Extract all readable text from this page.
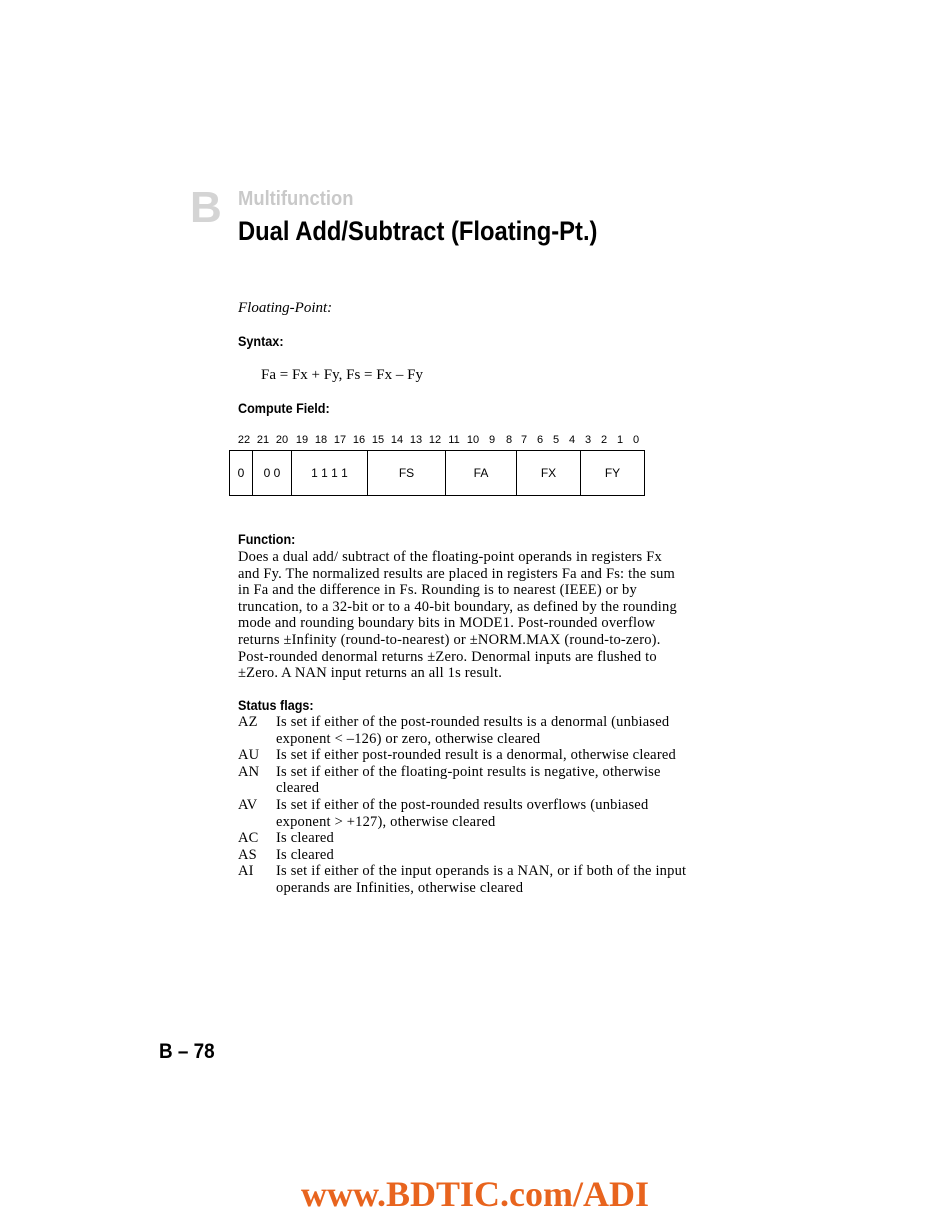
B Multifunction
Dual Add/Subtract (Floating-Pt.)
Floating-Point:
Syntax:
Fa = Fx + Fy, Fs = Fx – Fy
Compute Field:
22 21 20 19 18 17 16 15 14 13 12 11 10 9 8 7 6 5 4 3 2 1 0
0	0 0	1 1 1 1	FS	FA	FX	FY
Function:
Does a dual add/ subtract of the floating-point operands in registers Fx
and Fy. The normalized results are placed in registers Fa and Fs: the sum
in Fa and the difference in Fs. Rounding is to nearest (IEEE) or by
truncation, to a 32-bit or to a 40-bit boundary, as defined by the rounding
mode and rounding boundary bits in MODE1. Post-rounded overflow
returns ±Infinity (round-to-nearest) or ±NORM.MAX (round-to-zero).
Post-rounded denormal returns ±Zero. Denormal inputs are flushed to
±Zero. A NAN input returns an all 1s result.
Status flags:
AZ	Is set if either of the post-rounded results is a denormal (unbiased
exponent < –126) or zero, otherwise cleared
AU	Is set if either post-rounded result is a denormal, otherwise cleared
AN	Is set if either of the floating-point results is negative, otherwise
cleared
AV	Is set if either of the post-rounded results overflows (unbiased
exponent > +127), otherwise cleared
AC	Is cleared
AS	Is cleared
AI	Is set if either of the input operands is a NAN, or if both of the input
operands are Infinities, otherwise cleared
B – 78
www.BDTIC.com/ADI
